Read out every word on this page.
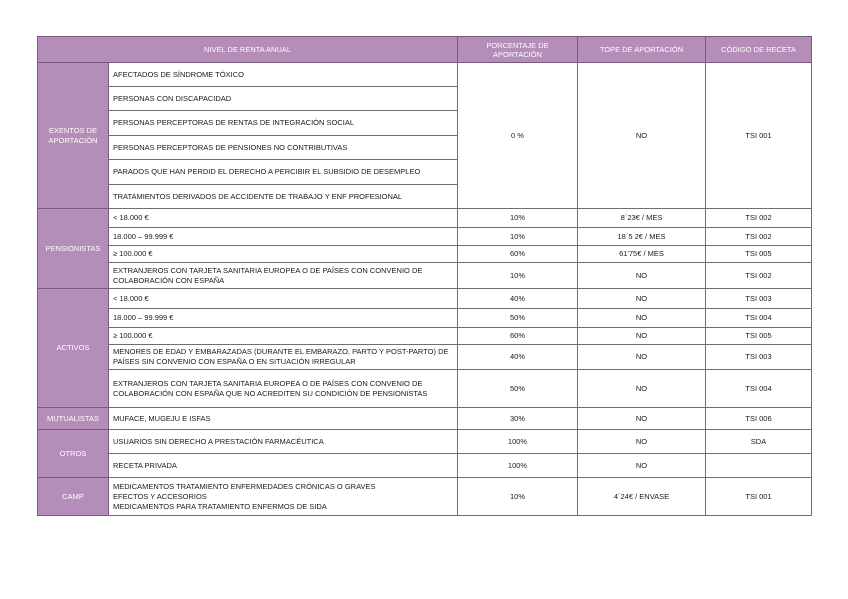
NIVEL DE RENTA ANUAL		PORCENTAJE DE APORTACIÓN	TOPE DE APORTACIÓN	CÓDIGO DE RECETA
EXENTOS DE APORTACIÓN	AFECTADOS DE SÍNDROME TÓXICO	0 %	NO	TSI 001
	PERSONAS CON DISCAPACIDAD			
	PERSONAS PERCEPTORAS DE RENTAS DE INTEGRACIÓN SOCIAL			
	PERSONAS PERCEPTORAS DE PENSIONES NO CONTRIBUTIVAS			
	PARADOS QUE HAN PERDID EL DERECHO A PERCIBIR EL SUBSIDIO DE DESEMPLEO			
	TRATAMIENTOS DERIVADOS DE ACCIDENTE DE TRABAJO Y ENF PROFESIONAL			
PENSIONISTAS	< 18.000 €	10%	8´23€ / MES	TSI 002
	18.000 – 99.999 €	10%	18´5 2€ / MES	TSI 002
	≥ 100.000 €	60%	61'75€ / MES	TSI 005
	EXTRANJEROS CON TARJETA SANITARIA EUROPEA O DE PAÍSES CON CONVENIO DE COLABORACIÓN CON ESPAÑA	10%	NO	TSI 002
ACTIVOS	< 18.000 €	40%	NO	TSI 003
	18.000 – 99.999 €	50%	NO	TSI 004
	≥ 100.000 €	60%	NO	TSI 005
	MENORES DE EDAD Y EMBARAZADAS (DURANTE EL EMBARAZO, PARTO Y POST-PARTO) DE PAÍSES SIN CONVENIO CON ESPAÑA O EN SITUACIÓN IRREGULAR	40%	NO	TSI 003
	EXTRANJEROS CON TARJETA SANITARIA EUROPEA O DE PAÍSES CON CONVENIO DE COLABORACIÓN CON ESPAÑA QUE NO ACREDITEN SU CONDICIÓN DE PENSIONISTAS	50%	NO	TSI 004
MUTUALISTAS	MUFACE, MUGEJU E ISFAS	30%	NO	TSI 006
OTROS	USUARIOS SIN DERECHO A PRESTACIÓN FARMACÉUTICA	100%	NO	SDA
	RECETA PRIVADA	100%	NO	
CAMP	MEDICAMENTOS TRATAMIENTO ENFERMEDADES CRÓNICAS O GRAVES
EFECTOS Y ACCESORIOS
MEDICAMENTOS PARA TRATAMIENTO ENFERMOS DE SIDA	10%	4´24€ / ENVASE	TSI 001
